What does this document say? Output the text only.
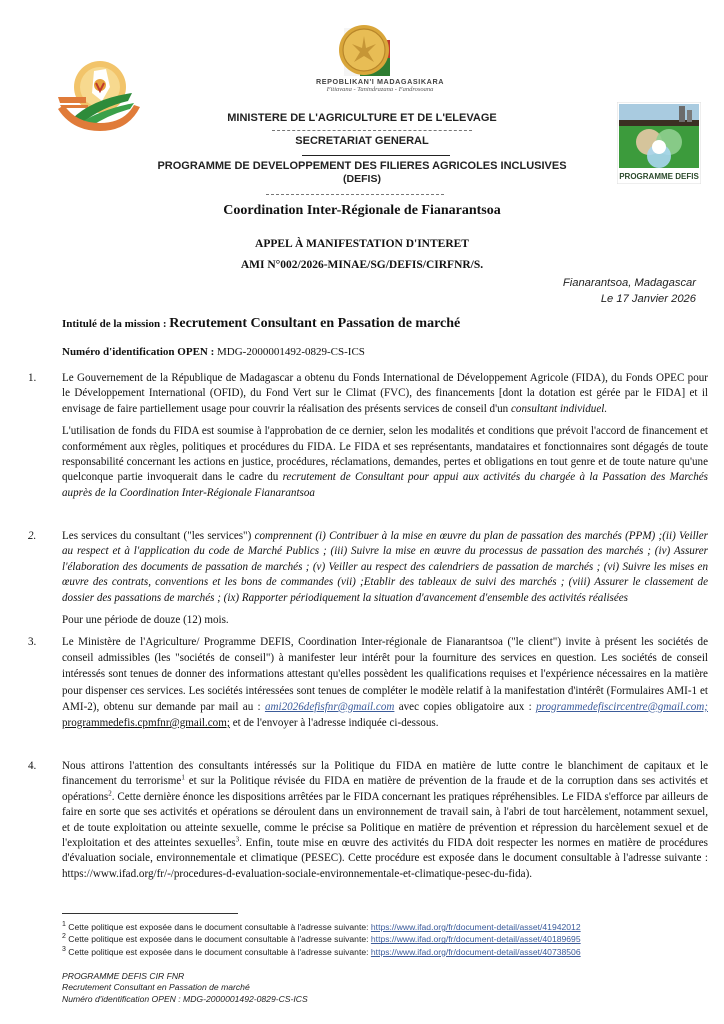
REPOBLIKAN'I MADAGASIKARA
Fitiavana - Tanindrazana - Fandrosoana
PROGRAMME DEFIS
MINISTERE DE L'AGRICULTURE ET DE L'ELEVAGE
SECRETARIAT GENERAL
PROGRAMME DE DEVELOPPEMENT DES FILIERES AGRICOLES INCLUSIVES
(DEFIS)
Coordination Inter-Régionale de Fianarantsoa
APPEL À MANIFESTATION D'INTERET
AMI N°002/2026-MINAE/SG/DEFIS/CIRFNR/S.
Fianarantsoa, Madagascar
Le 17 Janvier 2026
Intitulé de la mission : Recrutement Consultant en Passation de marché
Numéro d'identification OPEN : MDG-2000001492-0829-CS-ICS
1.	Le Gouvernement de la République de Madagascar a obtenu du Fonds International de Développement Agricole (FIDA), du Fonds OPEC pour le Développement International (OFID), du Fond Vert sur le Climat (FVC), des financements [dont la dotation est gérée par le FIDA] et il envisage de faire partiellement usage pour couvrir la réalisation des présents services de conseil d'un consultant individuel.

L'utilisation de fonds du FIDA est soumise à l'approbation de ce dernier, selon les modalités et conditions que prévoit l'accord de financement et conformément aux règles, politiques et procédures du FIDA. Le FIDA et ses représentants, mandataires et fonctionnaires sont dégagés de toute responsabilité concernant les actions en justice, procédures, réclamations, demandes, pertes et obligations en tout genre et de toute nature qu'une quelconque partie invoquerait dans le cadre du recrutement de Consultant pour appui aux activités du chargée à la Passation des Marchés auprès de la Coordination Inter-Régionale Fianarantsoa

2.	Les services du consultant ("les services") comprennent (i) Contribuer à la mise en œuvre du plan de passation des marchés (PPM) ;(ii) Veiller au respect et à l'application du code de Marché Publics ; (iii) Suivre la mise en œuvre du processus de passation des marchés ; (iv) Assurer l'élaboration des documents de passation de marchés ; (v) Veiller au respect des calendriers de passation de marchés ; (vi) Suivre les mises en œuvre des contrats, conventions et les bons de commandes (vii) ;Etablir des tableaux de suivi des marchés ; (viii) Assurer le classement de dossier des passations de marchés ; (ix) Rapporter périodiquement la situation d'avancement d'ensemble des activités réalisées

Pour une période de douze (12) mois.

3.	Le Ministère de l'Agriculture/ Programme DEFIS, Coordination Inter-régionale de Fianarantsoa ("le client") invite à présent les sociétés de conseil admissibles (les "sociétés de conseil") à manifester leur intérêt pour la fourniture des services en question. Les sociétés de conseil intéressés sont tenues de donner des informations attestant qu'elles possèdent les qualifications requises et l'expérience nécessaires en la matière pour dispenser ces services. Les sociétés intéressées sont tenues de compléter le modèle relatif à la manifestation d'intérêt (Formulaires AMI-1 et AMI-2), obtenu sur demande par mail au : ami2026defisfnr@gmail.com avec copies obligatoire aux : programmedefiscircentre@gmail.com; programmedefis.cpmfnr@gmail.com; et de l'envoyer à l'adresse indiquée ci-dessous.

4.	Nous attirons l'attention des consultants intéressés sur la Politique du FIDA en matière de lutte contre le blanchiment de capitaux et le financement du terrorisme$^1$ et sur la Politique révisée du FIDA en matière de prévention de la fraude et de la corruption dans ses activités et opérations$^2$. Cette dernière énonce les dispositions arrêtées par le FIDA concernant les pratiques répréhensibles. Le FIDA s'efforce par ailleurs de faire en sorte que ses activités et opérations se déroulent dans un environnement de travail sain, à l'abri de tout harcèlement, notamment sexuel, et de toute exploitation ou atteinte sexuelle, comme le précise sa Politique en matière de prévention et répression du harcèlement sexuel et de l'exploitation et des atteintes sexuelles$^3$. Enfin, toute mise en œuvre des activités du FIDA doit respecter les normes en matière de procédures d'évaluation sociale, environnementale et climatique (PESEC). Cette procédure est exposée dans le document consultable à l'adresse suivante : https://www.ifad.org/fr/-/procedures-d-evaluation-sociale-environnementale-et-climatique-pesec-du-fida).

$^1$ Cette politique est exposée dans le document consultable à l'adresse suivante: https://www.ifad.org/fr/document-detail/asset/41942012
$^2$ Cette politique est exposée dans le document consultable à l'adresse suivante: https://www.ifad.org/fr/document-detail/asset/40189695
$^3$ Cette politique est exposée dans le document consultable à l'adresse suivante: https://www.ifad.org/fr/document-detail/asset/40738506
PROGRAMME DEFIS CIR FNR
Recrutement Consultant en Passation de marché
Numéro d'identification OPEN : MDG-2000001492-0829-CS-ICS
